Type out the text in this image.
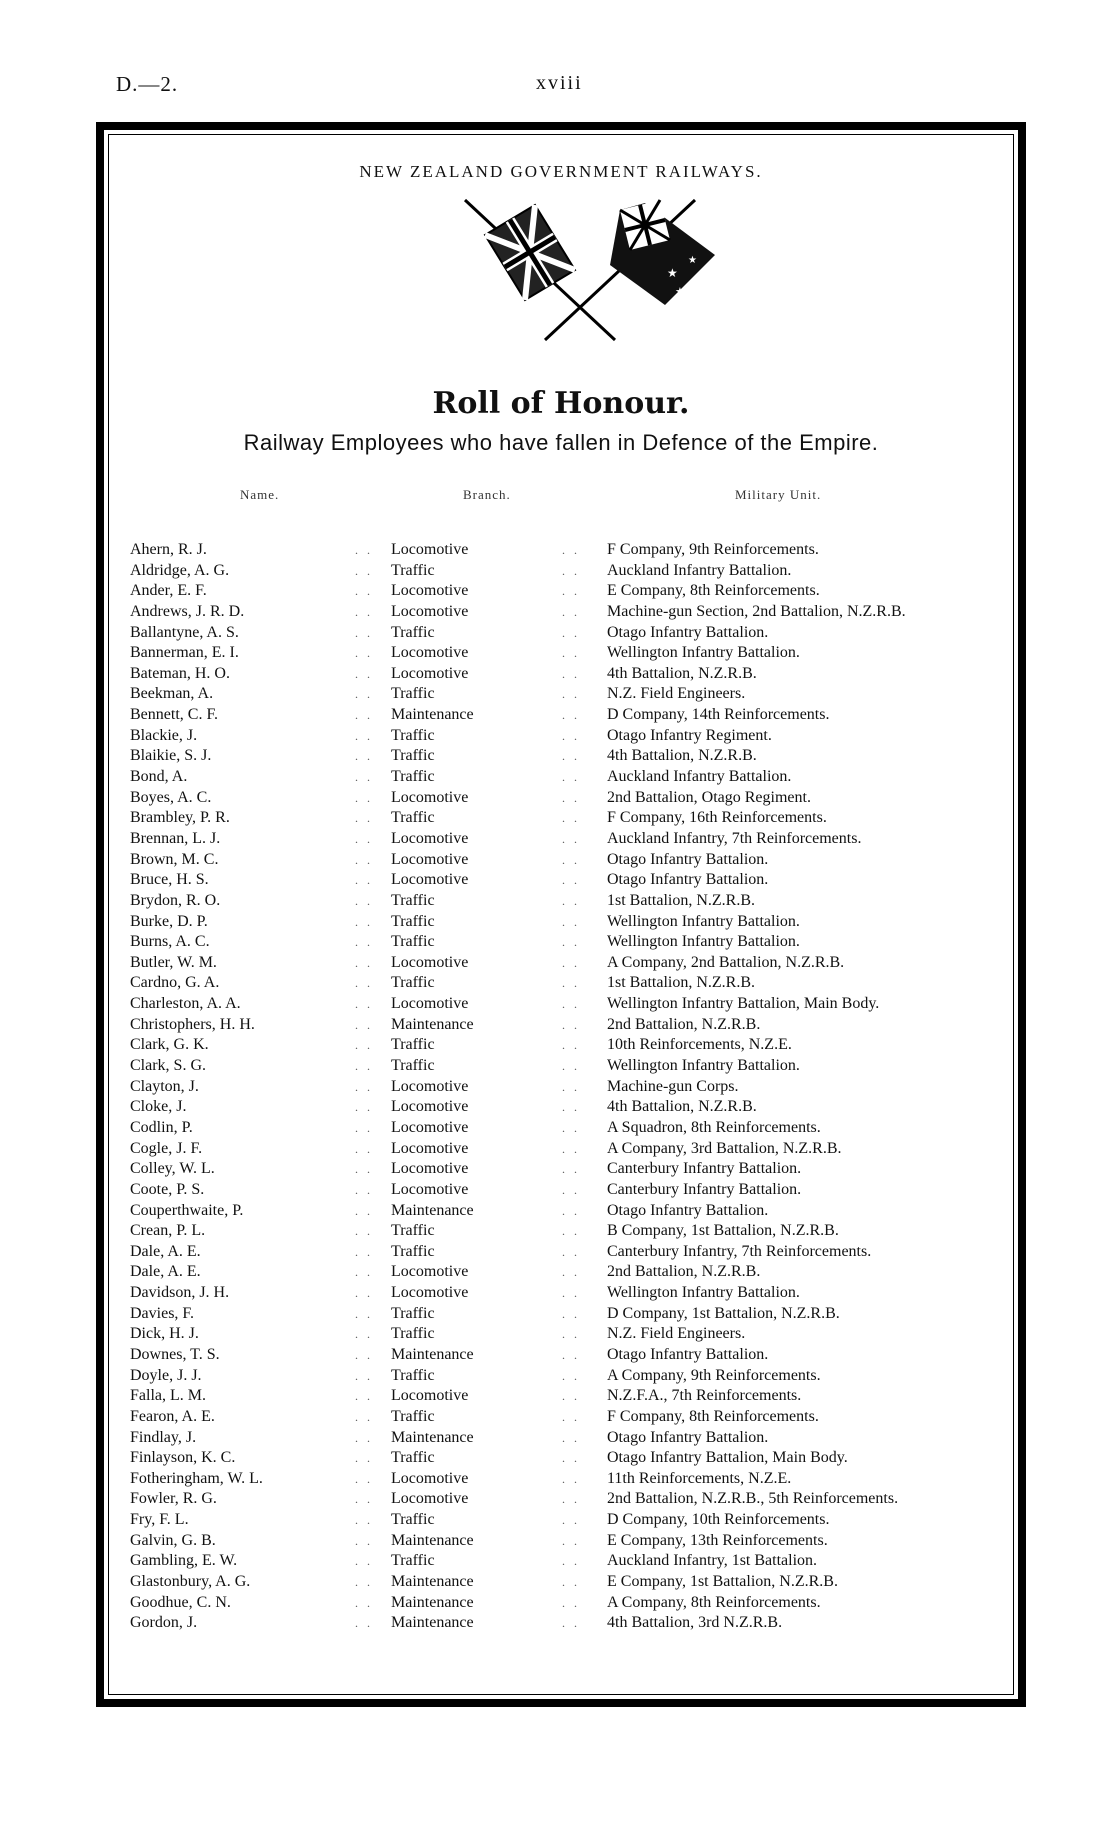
D.—2.	xviii
NEW ZEALAND GOVERNMENT RAILWAYS.
★
★
★
★
Roll of Honour.
Railway Employees who have fallen in Defence of the Empire.
Name.	Branch.	Military Unit.
Ahern, R. J.	. . Locomotive	. . F Company, 9th Reinforcements.
Aldridge, A. G.	. . Traffic	. . Auckland Infantry Battalion.
Ander, E. F.	. . Locomotive	. . E Company, 8th Reinforcements.
Andrews, J. R. D.	. . Locomotive	. . Machine-gun Section, 2nd Battalion, N.Z.R.B.
Ballantyne, A. S.	. . Traffic	. . Otago Infantry Battalion.
Bannerman, E. I.	. . Locomotive	. . Wellington Infantry Battalion.
Bateman, H. O.	. . Locomotive	. . 4th Battalion, N.Z.R.B.
Beekman, A.	. . Traffic	. . N.Z. Field Engineers.
Bennett, C. F.	. . Maintenance	. . D Company, 14th Reinforcements.
Blackie, J.	. . Traffic	. . Otago Infantry Regiment.
Blaikie, S. J.	. . Traffic	. . 4th Battalion, N.Z.R.B.
Bond, A.	. . Traffic	. . Auckland Infantry Battalion.
Boyes, A. C.	. . Locomotive	. . 2nd Battalion, Otago Regiment.
Brambley, P. R.	. . Traffic	. . F Company, 16th Reinforcements.
Brennan, L. J.	. . Locomotive	. . Auckland Infantry, 7th Reinforcements.
Brown, M. C.	. . Locomotive	. . Otago Infantry Battalion.
Bruce, H. S.	. . Locomotive	. . Otago Infantry Battalion.
Brydon, R. O.	. . Traffic	. . 1st Battalion, N.Z.R.B.
Burke, D. P.	. . Traffic	. . Wellington Infantry Battalion.
Burns, A. C.	. . Traffic	. . Wellington Infantry Battalion.
Butler, W. M.	. . Locomotive	. . A Company, 2nd Battalion, N.Z.R.B.
Cardno, G. A.	. . Traffic	. . 1st Battalion, N.Z.R.B.
Charleston, A. A.	. . Locomotive	. . Wellington Infantry Battalion, Main Body.
Christophers, H. H.	. . Maintenance	. . 2nd Battalion, N.Z.R.B.
Clark, G. K.	. . Traffic	. . 10th Reinforcements, N.Z.E.
Clark, S. G.	. . Traffic	. . Wellington Infantry Battalion.
Clayton, J.	. . Locomotive	. . Machine-gun Corps.
Cloke, J.	. . Locomotive	. . 4th Battalion, N.Z.R.B.
Codlin, P.	. . Locomotive	. . A Squadron, 8th Reinforcements.
Cogle, J. F.	. . Locomotive	. . A Company, 3rd Battalion, N.Z.R.B.
Colley, W. L.	. . Locomotive	. . Canterbury Infantry Battalion.
Coote, P. S.	. . Locomotive	. . Canterbury Infantry Battalion.
Couperthwaite, P.	. . Maintenance	. . Otago Infantry Battalion.
Crean, P. L.	. . Traffic	. . B Company, 1st Battalion, N.Z.R.B.
Dale, A. E.	. . Traffic	. . Canterbury Infantry, 7th Reinforcements.
Dale, A. E.	. . Locomotive	. . 2nd Battalion, N.Z.R.B.
Davidson, J. H.	. . Locomotive	. . Wellington Infantry Battalion.
Davies, F.	. . Traffic	. . D Company, 1st Battalion, N.Z.R.B.
Dick, H. J.	. . Traffic	. . N.Z. Field Engineers.
Downes, T. S.	. . Maintenance	. . Otago Infantry Battalion.
Doyle, J. J.	. . Traffic	. . A Company, 9th Reinforcements.
Falla, L. M.	. . Locomotive	. . N.Z.F.A., 7th Reinforcements.
Fearon, A. E.	. . Traffic	. . F Company, 8th Reinforcements.
Findlay, J.	. . Maintenance	. . Otago Infantry Battalion.
Finlayson, K. C.	. . Traffic	. . Otago Infantry Battalion, Main Body.
Fotheringham, W. L.	. . Locomotive	. . 11th Reinforcements, N.Z.E.
Fowler, R. G.	. . Locomotive	. . 2nd Battalion, N.Z.R.B., 5th Reinforcements.
Fry, F. L.	. . Traffic	. . D Company, 10th Reinforcements.
Galvin, G. B.	. . Maintenance	. . E Company, 13th Reinforcements.
Gambling, E. W.	. . Traffic	. . Auckland Infantry, 1st Battalion.
Glastonbury, A. G.	. . Maintenance	. . E Company, 1st Battalion, N.Z.R.B.
Goodhue, C. N.	. . Maintenance	. . A Company, 8th Reinforcements.
Gordon, J.	. . Maintenance	. . 4th Battalion, 3rd N.Z.R.B.
